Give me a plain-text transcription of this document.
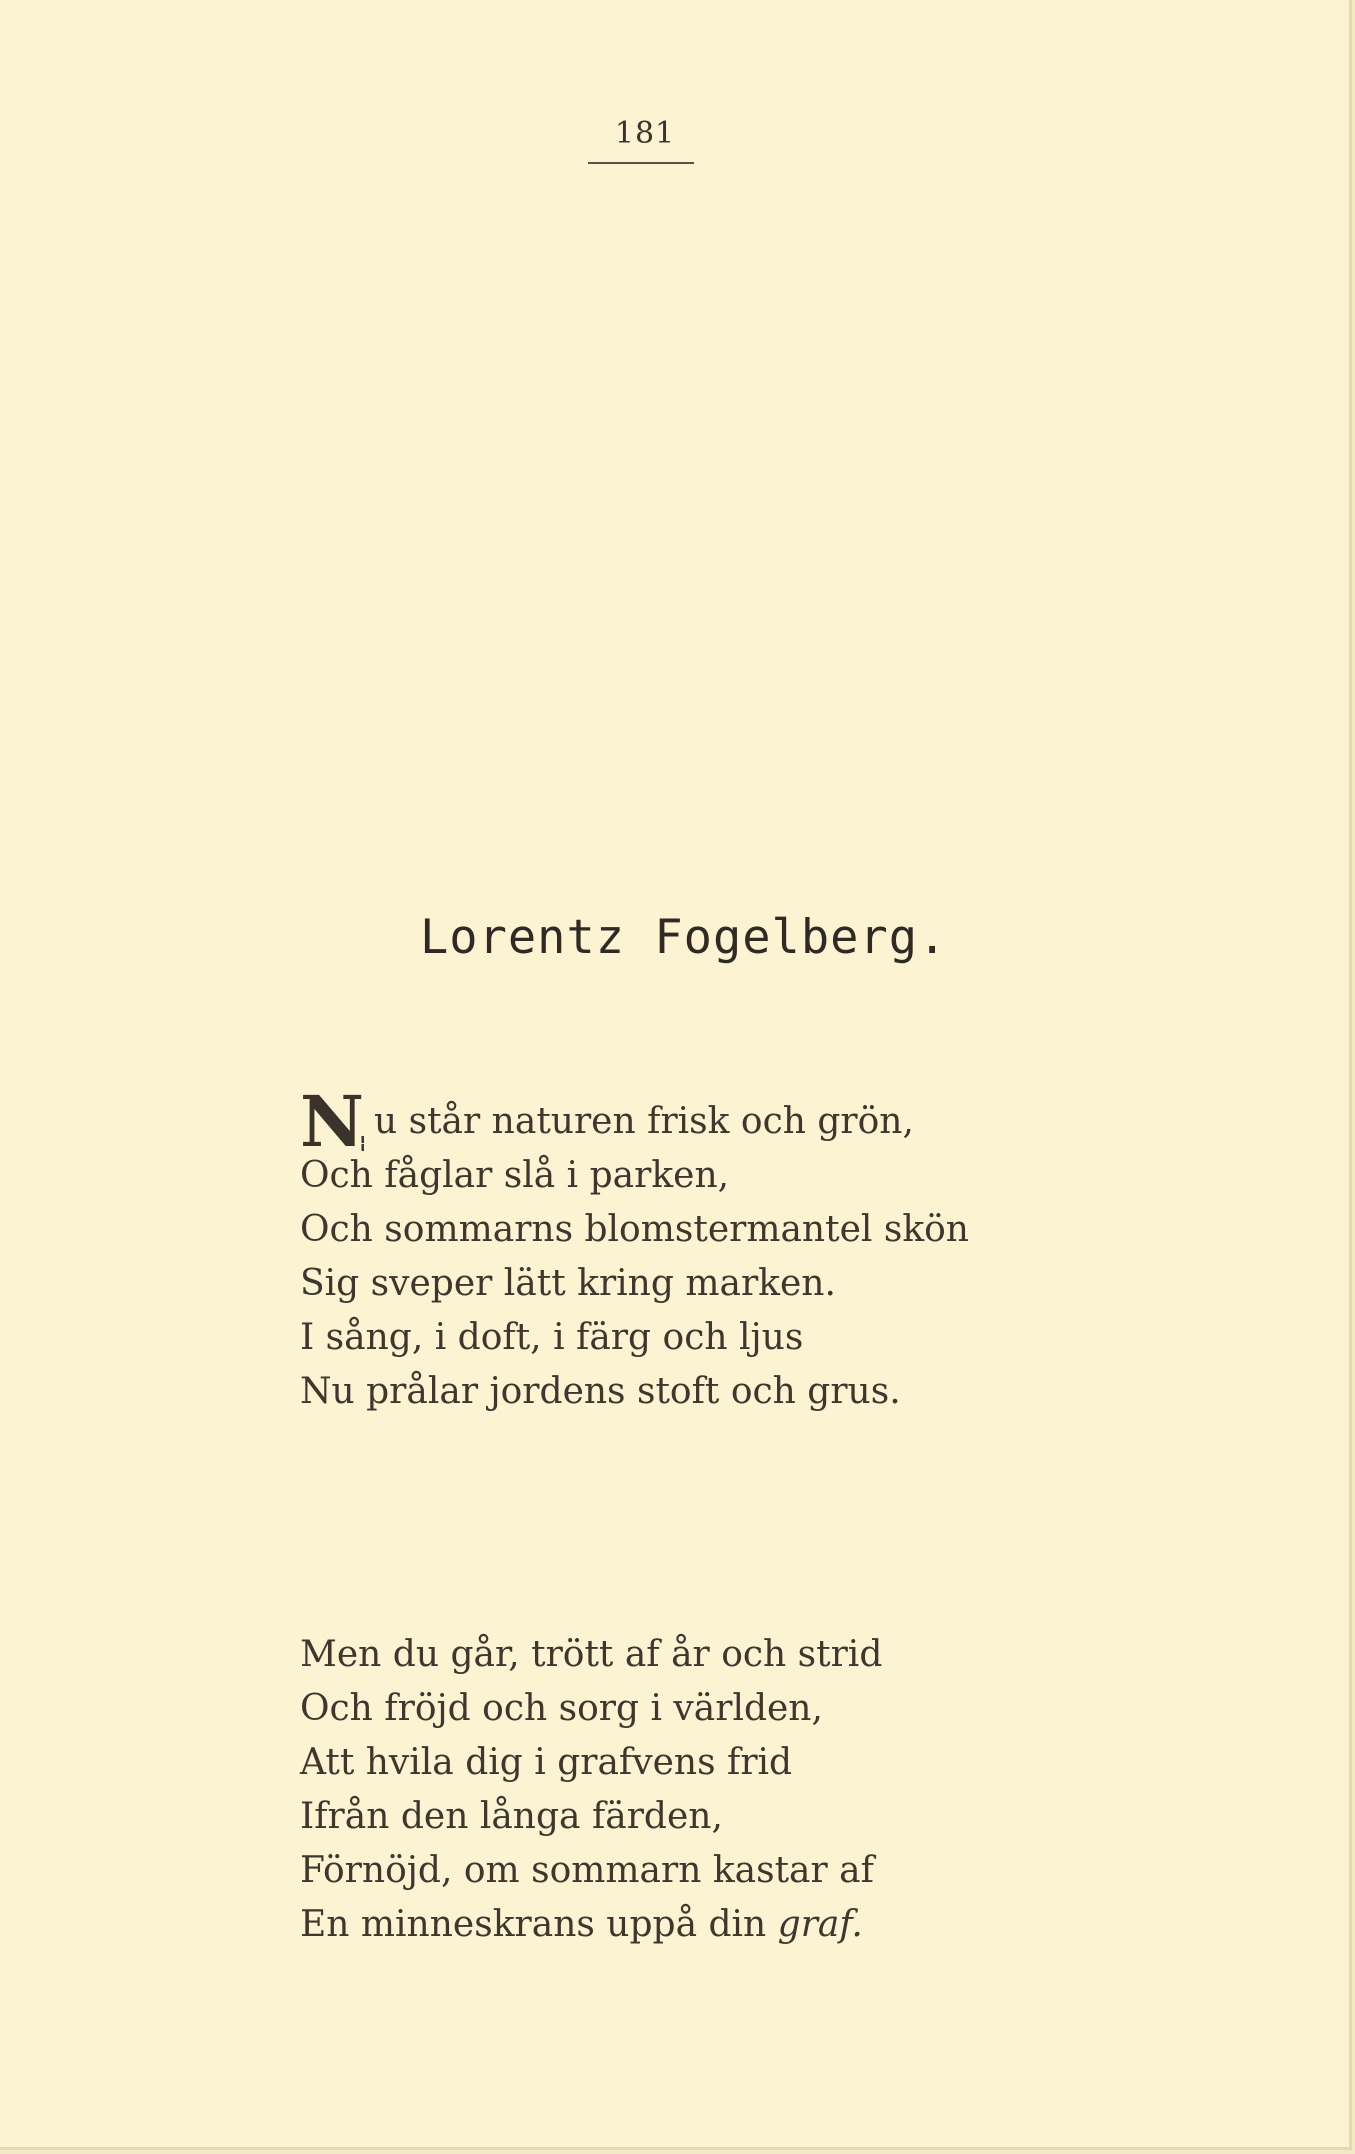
181
Lorentz Fogelberg.
Nu står naturen frisk och grön,
Och fåglar slå i parken,
Och sommarns blomstermantel skön
Sig sveper lätt kring marken.
I sång, i doft, i färg och ljus
Nu prålar jordens stoft och grus.
Men du går, trött af år och strid
Och fröjd och sorg i världen,
Att hvila dig i grafvens frid
Ifrån den långa färden,
Förnöjd, om sommarn kastar af
En minneskrans uppå din graf.
